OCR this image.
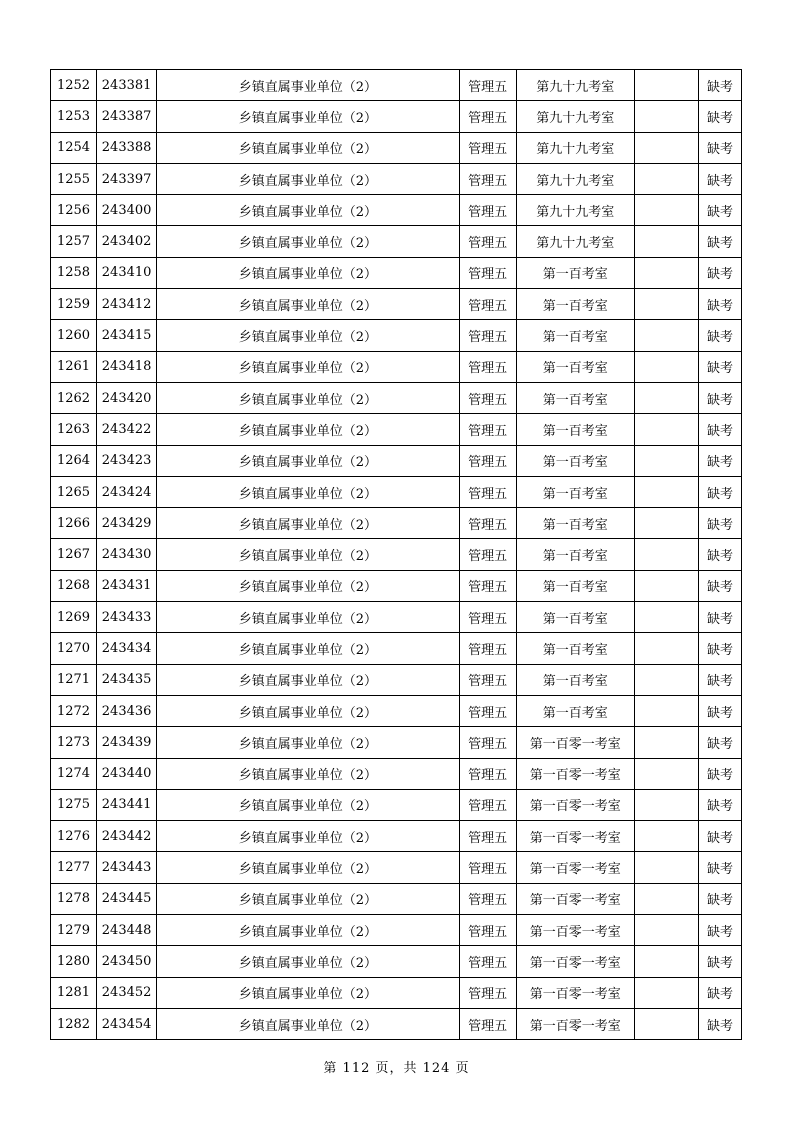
1252	243381	乡镇直属事业单位（2）	管理五	第九十九考室		缺考
1253	243387	乡镇直属事业单位（2）	管理五	第九十九考室		缺考
1254	243388	乡镇直属事业单位（2）	管理五	第九十九考室		缺考
1255	243397	乡镇直属事业单位（2）	管理五	第九十九考室		缺考
1256	243400	乡镇直属事业单位（2）	管理五	第九十九考室		缺考
1257	243402	乡镇直属事业单位（2）	管理五	第九十九考室		缺考
1258	243410	乡镇直属事业单位（2）	管理五	第一百考室		缺考
1259	243412	乡镇直属事业单位（2）	管理五	第一百考室		缺考
1260	243415	乡镇直属事业单位（2）	管理五	第一百考室		缺考
1261	243418	乡镇直属事业单位（2）	管理五	第一百考室		缺考
1262	243420	乡镇直属事业单位（2）	管理五	第一百考室		缺考
1263	243422	乡镇直属事业单位（2）	管理五	第一百考室		缺考
1264	243423	乡镇直属事业单位（2）	管理五	第一百考室		缺考
1265	243424	乡镇直属事业单位（2）	管理五	第一百考室		缺考
1266	243429	乡镇直属事业单位（2）	管理五	第一百考室		缺考
1267	243430	乡镇直属事业单位（2）	管理五	第一百考室		缺考
1268	243431	乡镇直属事业单位（2）	管理五	第一百考室		缺考
1269	243433	乡镇直属事业单位（2）	管理五	第一百考室		缺考
1270	243434	乡镇直属事业单位（2）	管理五	第一百考室		缺考
1271	243435	乡镇直属事业单位（2）	管理五	第一百考室		缺考
1272	243436	乡镇直属事业单位（2）	管理五	第一百考室		缺考
1273	243439	乡镇直属事业单位（2）	管理五	第一百零一考室		缺考
1274	243440	乡镇直属事业单位（2）	管理五	第一百零一考室		缺考
1275	243441	乡镇直属事业单位（2）	管理五	第一百零一考室		缺考
1276	243442	乡镇直属事业单位（2）	管理五	第一百零一考室		缺考
1277	243443	乡镇直属事业单位（2）	管理五	第一百零一考室		缺考
1278	243445	乡镇直属事业单位（2）	管理五	第一百零一考室		缺考
1279	243448	乡镇直属事业单位（2）	管理五	第一百零一考室		缺考
1280	243450	乡镇直属事业单位（2）	管理五	第一百零一考室		缺考
1281	243452	乡镇直属事业单位（2）	管理五	第一百零一考室		缺考
1282	243454	乡镇直属事业单位（2）	管理五	第一百零一考室		缺考
第 112 页，共 124 页
